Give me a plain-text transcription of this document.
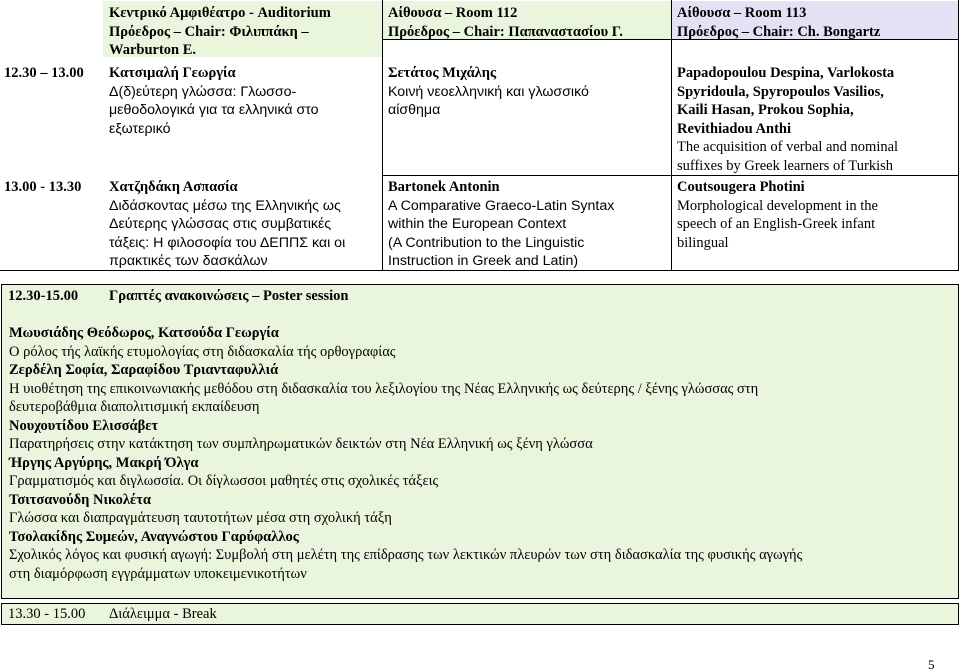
Κεντρικό Αμφιθέατρο - Auditorium
Πρόεδρος – Chair: Φιλιππάκη –
Warburton Ε.
12.30 – 13.00 Κατσιμαλή Γεωργία
Δ(δ)εύτερη γλώσσα: Γλωσσο-
μεθοδολογικά για τα ελληνικά στο
εξωτερικό
13.00 - 13.30 Χατζηδάκη Ασπασία
Διδάσκοντας μέσω της Ελληνικής ως
Δεύτερης γλώσσας στις συμβατικές
τάξεις: Η φιλοσοφία του ΔΕΠΠΣ και οι
πρακτικές των δασκάλων
Αίθουσα – Room 112
Πρόεδρος – Chair: Παπαναστασίου Γ.
Σετάτος Μιχάλης
Κοινή νεοελληνική και γλωσσικό
αίσθημα
Bartonek Antonin
A Comparative Graeco-Latin Syntax
within the European Context
(A Contribution to the Linguistic
Instruction in Greek and Latin)
Αίθουσα – Room 113
Πρόεδρος – Chair: Ch. Bongartz
Papadopoulou Despina, Varlokosta
Spyridoula, Spyropoulos Vasilios,
Kaili Hasan, Prokou Sophia,
Revithiadou Anthi
The acquisition of verbal and nominal
suffixes by Greek learners of Turkish
Coutsougera Photini
Morphological development in the
speech of an English-Greek infant
bilingual
12.30-15.00 Γραπτές ανακοινώσεις – Poster session
Μωυσιάδης Θεόδωρος, Κατσούδα Γεωργία
Ο ρόλος τής λαϊκής ετυμολογίας στη διδασκαλία τής ορθογραφίας
Ζερδέλη Σοφία, Σαραφίδου Τριανταφυλλιά
Η υιοθέτηση της επικοινωνιακής μεθόδου στη διδασκαλία του λεξιλογίου της Νέας Ελληνικής ως δεύτερης / ξένης γλώσσας στη
δευτεροβάθμια διαπολιτισμική εκπαίδευση
Νουχουτίδου Ελισσάβετ
Παρατηρήσεις στην κατάκτηση των συμπληρωματικών δεικτών στη Νέα Ελληνική ως ξένη γλώσσα
Ήργης Αργύρης, Μακρή Όλγα
Γραμματισμός και διγλωσσία. Οι δίγλωσσοι μαθητές στις σχολικές τάξεις
Τσιτσανούδη Νικολέτα
Γλώσσα και διαπραγμάτευση ταυτοτήτων μέσα στη σχολική τάξη
Τσολακίδης Συμεών, Αναγνώστου Γαρύφαλλος
Σχολικός λόγος και φυσική αγωγή: Συμβολή στη μελέτη της επίδρασης των λεκτικών πλευρών των στη διδασκαλία της φυσικής αγωγής
στη διαμόρφωση εγγράμματων υποκειμενικοτήτων
13.30 - 15.00 Διάλειμμα - Break
5
